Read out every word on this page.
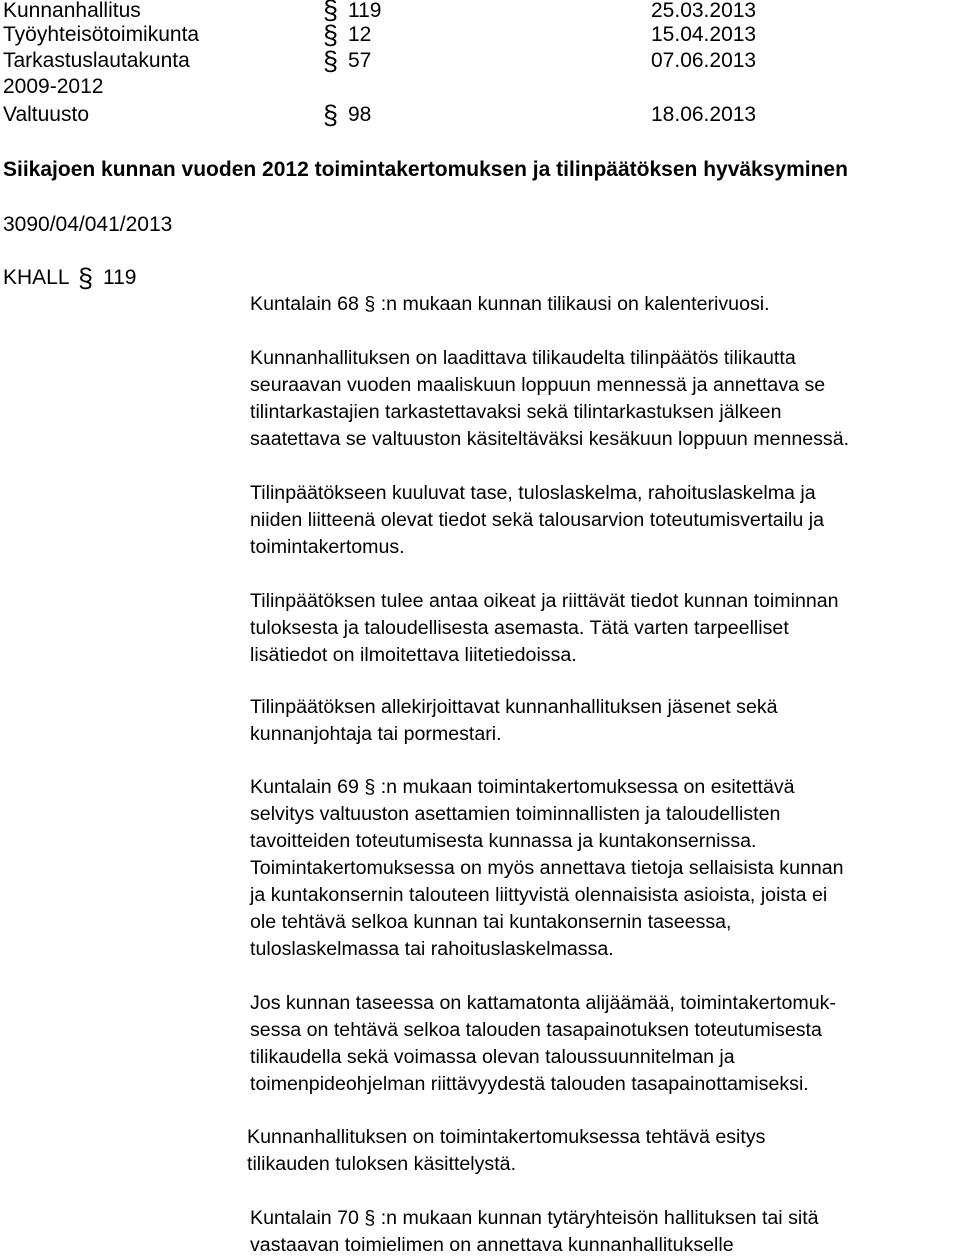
Kunnanhallitus	§ 119	25.03.2013
Työyhteisötoimikunta	§ 12	15.04.2013
Tarkastuslautakunta	§ 57	07.06.2013
2009-2012
Valtuusto	§ 98	18.06.2013
Siikajoen kunnan vuoden 2012 toimintakertomuksen ja tilinpäätöksen hyväksyminen
3090/04/041/2013
KHALL § 119
Kuntalain 68 § :n mukaan kunnan tilikausi on kalenterivuosi.
Kunnanhallituksen on laadittava tilikaudelta tilinpäätös tilikautta
seuraavan vuoden maaliskuun loppuun mennessä ja annettava se
tilintarkastajien tarkastettavaksi sekä tilintarkastuksen jälkeen
saatettava se valtuuston käsiteltäväksi kesäkuun loppuun mennessä.
Tilinpäätökseen kuuluvat tase, tuloslaskelma, rahoituslaskelma ja
niiden liitteenä olevat tiedot sekä talousarvion toteutumisvertailu ja
toimintakertomus.
Tilinpäätöksen tulee antaa oikeat ja riittävät tiedot kunnan toiminnan
tuloksesta ja taloudellisesta asemasta. Tätä varten tarpeelliset
lisätiedot on ilmoitettava liitetiedoissa.
Tilinpäätöksen allekirjoittavat kunnanhallituksen jäsenet sekä
kunnanjohtaja tai pormestari.
Kuntalain 69 § :n mukaan toimintakertomuksessa on esitettävä
selvitys valtuuston asettamien toiminnallisten ja taloudellisten
tavoitteiden toteutumisesta kunnassa ja kuntakonsernissa.
Toimintakertomuksessa on myös annettava tietoja sellaisista kunnan
ja kuntakonsernin talouteen liittyvistä olennaisista asioista, joista ei
ole tehtävä selkoa kunnan tai kuntakonsernin taseessa,
tuloslaskelmassa tai rahoituslaskelmassa.
Jos kunnan taseessa on kattamatonta alijäämää, toimintakertomuk-
sessa on tehtävä selkoa talouden tasapainotuksen toteutumisesta
tilikaudella sekä voimassa olevan taloussuunnitelman ja
toimenpideohjelman riittävyydestä talouden tasapainottamiseksi.
Kunnanhallituksen on toimintakertomuksessa tehtävä esitys
tilikauden tuloksen käsittelystä.
Kuntalain 70 § :n mukaan kunnan tytäryhteisön hallituksen tai sitä
vastaavan toimielimen on annettava kunnanhallitukselle
